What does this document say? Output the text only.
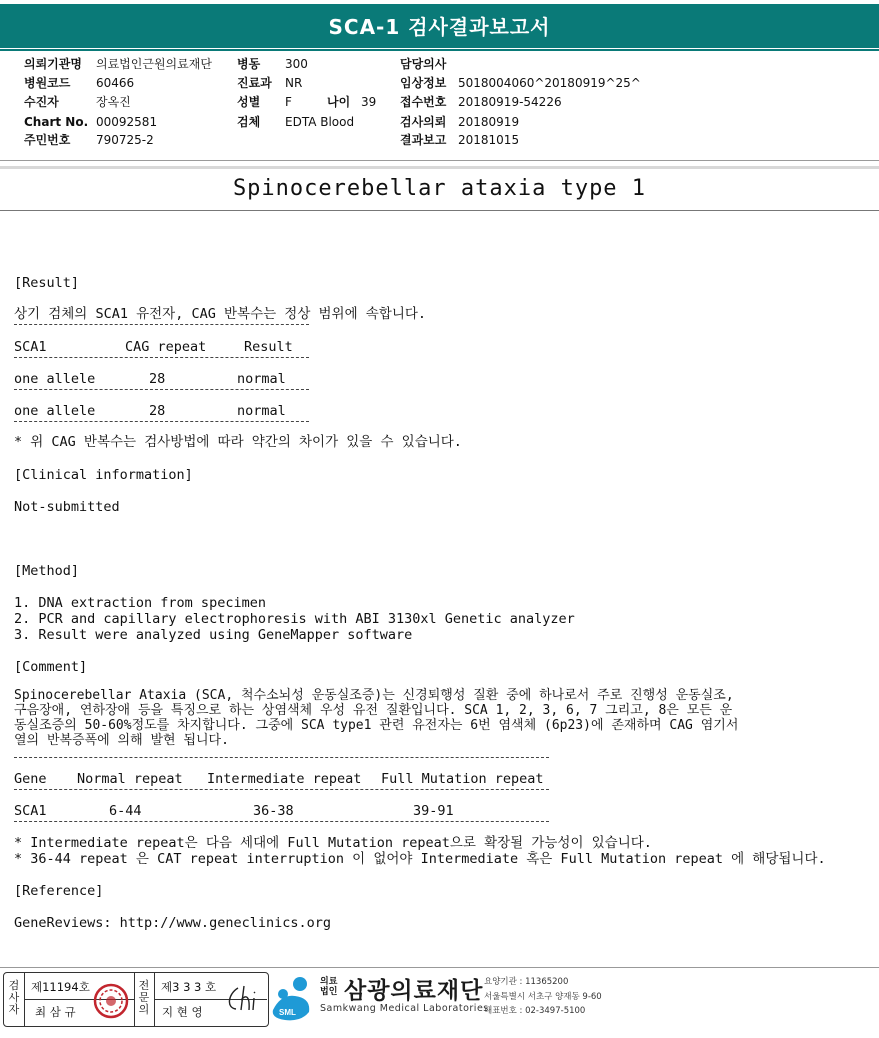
SCA-1 검사결과보고서
의뢰기관명 의료법인근원의료재단
병원코드 60466
수진자	장옥진
Chart No. 00092581
주민번호 790725-2
병동 300
진료과 NR
성별 F	나이 39
검체 EDTA Blood
담당의사
임상정보 5018004060^20180919^25^
접수번호 20180919-54226
검사의뢰 20180919
결과보고 20181015
Spinocerebellar ataxia type 1
[Result]
상기 검체의 SCA1 유전자, CAG 반복수는 정상 범위에 속합니다.
SCA1	CAG repeat	Result
one allele	28	normal
one allele	28	normal
* 위 CAG 반복수는 검사방법에 따라 약간의 차이가 있을 수 있습니다.
[Clinical information]
Not-submitted
[Method]
1. DNA extraction from specimen
2. PCR and capillary electrophoresis with ABI 3130xl Genetic analyzer
3. Result were analyzed using GeneMapper software
[Comment]
Spinocerebellar Ataxia (SCA, 척수소뇌성 운동실조증)는 신경퇴행성 질환 중에 하나로서 주로 진행성 운동실조,
구음장애, 연하장애 등을 특징으로 하는 상염색체 우성 유전 질환입니다. SCA 1, 2, 3, 6, 7 그리고, 8은 모든 운
동실조증의 50-60%정도를 차지합니다. 그중에 SCA type1 관련 유전자는 6번 염색체 (6p23)에 존재하며 CAG 염기서
열의 반복증폭에 의해 발현 됩니다.
Gene Normal repeat Intermediate repeat Full Mutation repeat
SCA1	6-44	36-38	39-91
* Intermediate repeat은 다음 세대에 Full Mutation repeat으로 확장될 가능성이 있습니다.
* 36-44 repeat 은 CAT repeat interruption 이 없어야 Intermediate 혹은 Full Mutation repeat 에 해당됩니다.
[Reference]
GeneReviews: http://www.geneclinics.org
검
사
자
제11194호
최 삼 규
전
문
의
제3 3 3 호
지 현 영	SML
의료
법인 삼광의료재단
Samkwang Medical Laboratories
요양기관 : 11365200
서울특별시 서초구 양재동 9-60
대표번호 : 02-3497-5100
